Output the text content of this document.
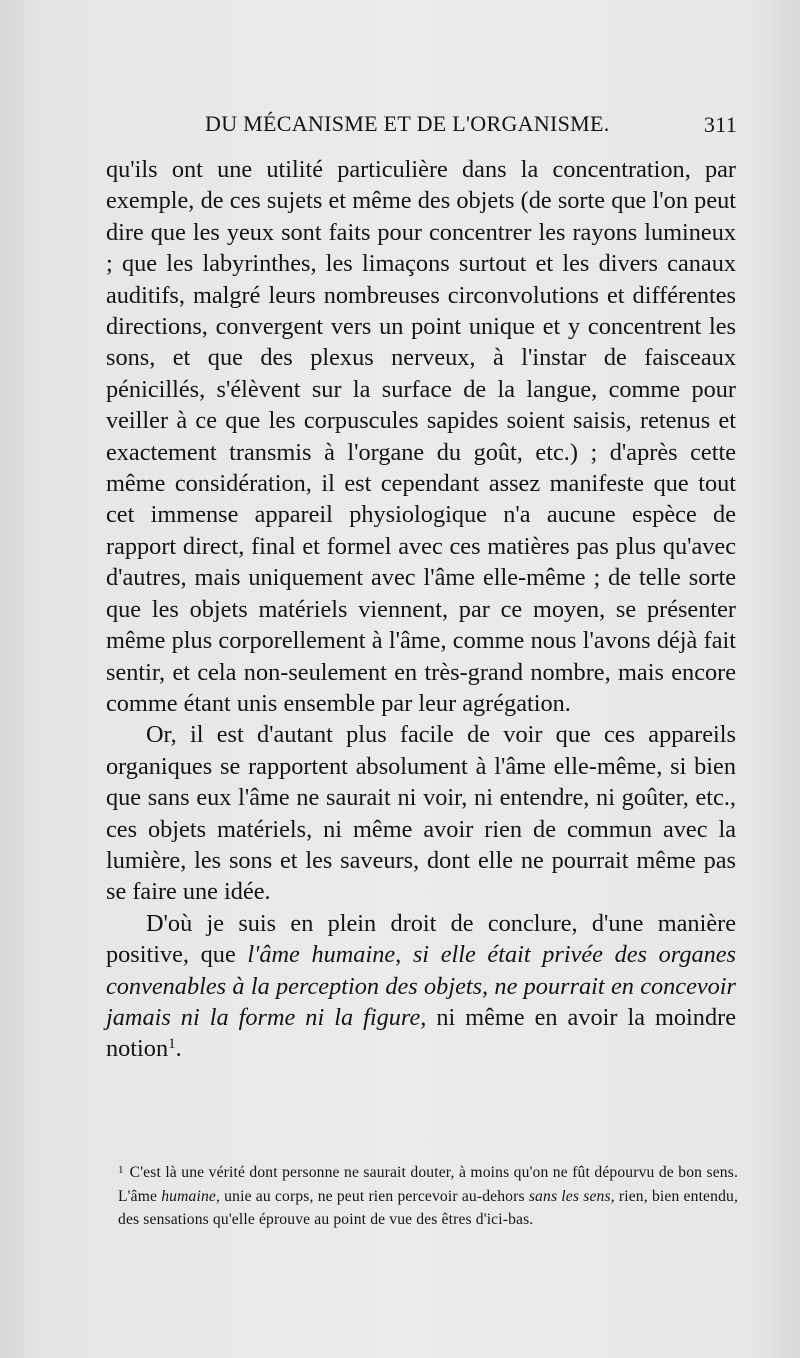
DU MÉCANISME ET DE L'ORGANISME.	311

qu'ils ont une utilité particulière dans la concentration, par exemple, de ces sujets et même des objets (de sorte que l'on peut dire que les yeux sont faits pour concentrer les rayons lumineux ; que les labyrinthes, les limaçons surtout et les divers canaux auditifs, malgré leurs nombreuses circonvolutions et différentes directions, convergent vers un point unique et y concentrent les sons, et que des plexus nerveux, à l'instar de faisceaux pénicillés, s'élèvent sur la surface de la langue, comme pour veiller à ce que les corpuscules sapides soient saisis, retenus et exactement transmis à l'organe du goût, etc.) ; d'après cette même considération, il est cependant assez manifeste que tout cet immense appareil physiologique n'a aucune espèce de rapport direct, final et formel avec ces matières pas plus qu'avec d'autres, mais uniquement avec l'âme elle-même ; de telle sorte que les objets matériels viennent, par ce moyen, se présenter même plus corporellement à l'âme, comme nous l'avons déjà fait sentir, et cela non-seulement en très-grand nombre, mais encore comme étant unis ensemble par leur agrégation.

Or, il est d'autant plus facile de voir que ces appareils organiques se rapportent absolument à l'âme elle-même, si bien que sans eux l'âme ne saurait ni voir, ni entendre, ni goûter, etc., ces objets matériels, ni même avoir rien de commun avec la lumière, les sons et les saveurs, dont elle ne pourrait même pas se faire une idée.

D'où je suis en plein droit de conclure, d'une manière positive, que l'âme humaine, si elle était privée des organes convenables à la perception des objets, ne pourrait en concevoir jamais ni la forme ni la figure, ni même en avoir la moindre notion$^1$.

$^1$ C'est là une vérité dont personne ne saurait douter, à moins qu'on ne fût dépourvu de bon sens. L'âme humaine, unie au corps, ne peut rien percevoir au-dehors sans les sens, rien, bien entendu, des sensations qu'elle éprouve au point de vue des êtres d'ici-bas.
